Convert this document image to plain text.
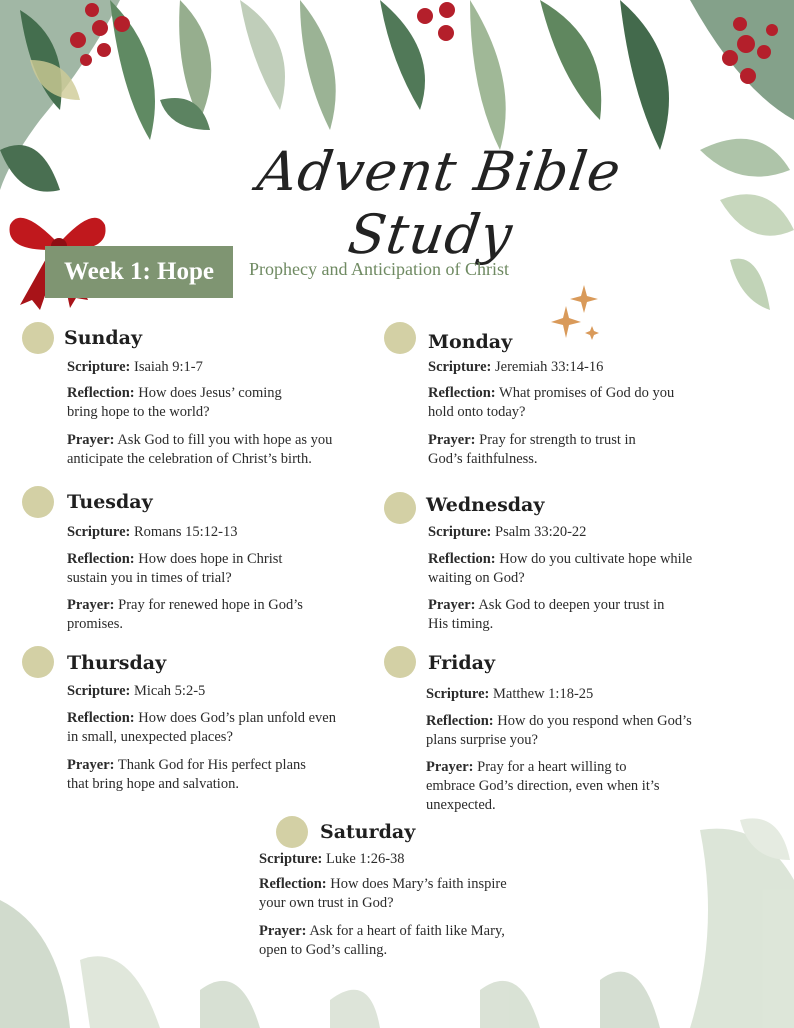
Advent Bible Study
Week 1: Hope	Prophecy and Anticipation of Christ
Sunday
Scripture: Isaiah 9:1-7
Reflection: How does Jesus’ coming
bring hope to the world?
Prayer: Ask God to fill you with hope as you
anticipate the celebration of Christ’s birth.
Monday
Scripture: Jeremiah 33:14-16
Reflection: What promises of God do you
hold onto today?
Prayer: Pray for strength to trust in
God’s faithfulness.
Tuesday
Scripture: Romans 15:12-13
Reflection: How does hope in Christ
sustain you in times of trial?
Prayer: Pray for renewed hope in God’s
promises.
Wednesday
Scripture: Psalm 33:20-22
Reflection: How do you cultivate hope while
waiting on God?
Prayer: Ask God to deepen your trust in
His timing.
Thursday
Scripture: Micah 5:2-5
Reflection: How does God’s plan unfold even
in small, unexpected places?
Prayer: Thank God for His perfect plans
that bring hope and salvation.
Friday
Scripture: Matthew 1:18-25
Reflection: How do you respond when God’s
plans surprise you?
Prayer: Pray for a heart willing to
embrace God’s direction, even when it’s
unexpected.
Saturday
Scripture: Luke 1:26-38
Reflection: How does Mary’s faith inspire
your own trust in God?
Prayer: Ask for a heart of faith like Mary,
open to God’s calling.
